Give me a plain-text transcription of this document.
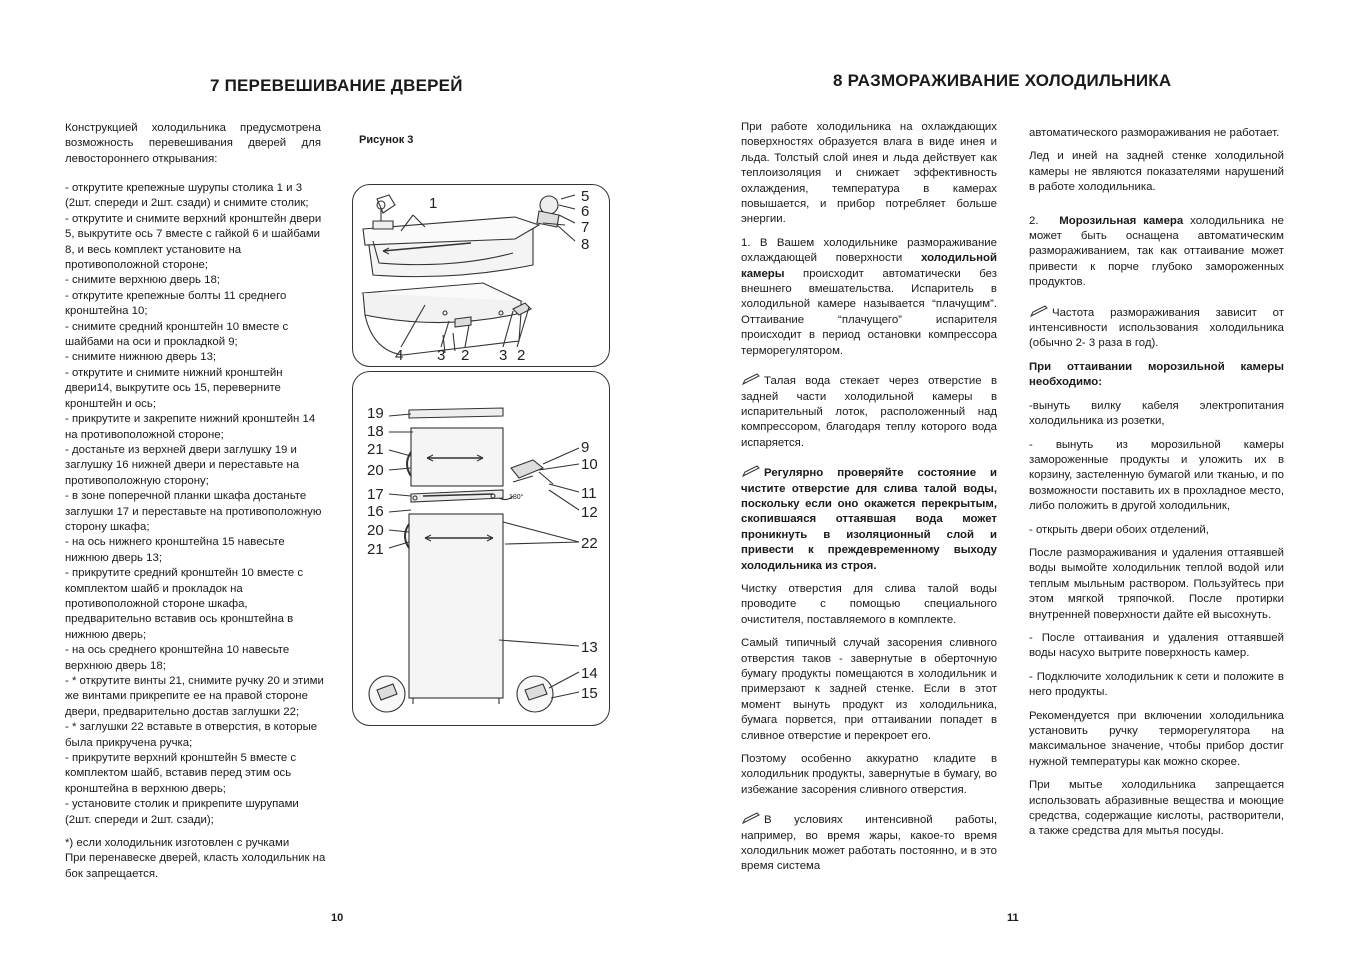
7 ПЕРЕВЕШИВАНИЕ ДВЕРЕЙ
Конструкцией холодильника предусмотрена возможность перевешивания дверей для левостороннего открывания:

- открутите крепежные шурупы столика 1 и 3

(2шт. спереди и 2шт. сзади) и снимите столик;

- открутите и снимите верхний кронштейн двери

5, выкрутите ось 7 вместе с гайкой 6 и шайбами

8, и весь комплект установите на

противоположной стороне;

- снимите верхнюю дверь 18;

- открутите крепежные болты 11 среднего

кронштейна 10;

- снимите средний кронштейн 10 вместе с

шайбами на оси и прокладкой 9;

- снимите нижнюю дверь 13;

- открутите и снимите нижний кронштейн

двери14, выкрутите ось 15, переверните

кронштейн и ось;

- прикрутите и закрепите нижний кронштейн 14

на противоположной стороне;

- достаньте из верхней двери заглушку 19 и

заглушку 16 нижней двери и переставьте на

противоположную сторону;

- в зоне поперечной планки шкафа достаньте

заглушки 17 и переставьте на противоположную

сторону шкафа;

- на ось нижнего кронштейна 15 навесьте

нижнюю дверь 13;

- прикрутите средний кронштейн 10 вместе с

комплектом шайб и прокладок на

противоположной стороне шкафа,

предварительно вставив ось кронштейна в

нижнюю дверь;

- на ось среднего кронштейна 10 навесьте

верхнюю дверь 18;

- * открутите винты 21, снимите ручку 20 и этими

же винтами прикрепите ее на правой стороне

двери, предварительно достав заглушки 22;

- * заглушки 22 вставьте в отверстия, в которые

была прикручена ручка;

- прикрутите верхний кронштейн 5 вместе с

комплектом шайб, вставив перед этим ось

кронштейна в верхнюю дверь;

- установите столик и прикрепите шурупами

(2шт. спереди и 2шт. сзади);

*) если холодильник изготовлен с ручками

При перенавеске дверей, класть холодильник на

бок запрещается.

Рисунок 3
1	5
6
7
8
4 3 2 3 2
180°
19
18
21
20
17
16
20
21
9
10
11
12
22
13
14
15
10
8 РАЗМОРАЖИВАНИЕ ХОЛОДИЛЬНИКА

При работе холодильника на охлаждающих поверхностях образуется влага в виде инея и льда. Толстый слой инея и льда действует как теплоизоляция и снижает эффективность охлаждения, температура в камерах повышается, и прибор потребляет больше энергии.

1. В Вашем холодильнике размораживание охлаждающей поверхности холодильной камеры происходит автоматически без внешнего вмешательства. Испаритель в холодильной камере называется “плачущим”. Оттаивание “плачущего” испарителя происходит в период остановки компрессора терморегулятором.

Талая вода стекает через отверстие в задней части холодильной камеры в испарительный лоток, расположенный над компрессором, благодаря теплу которого вода испаряется.

Регулярно проверяйте состояние и чистите отверстие для слива талой воды, поскольку если оно окажется перекрытым, скопившаяся оттаявшая вода может проникнуть в изоляционный слой и привести к преждевременному выходу холодильника из строя.

Чистку отверстия для слива талой воды проводите с помощью специального очистителя, поставляемого в комплекте.

Самый типичный случай засорения сливного отверстия таков - завернутые в оберточную бумагу продукты помещаются в холодильник и примерзают к задней стенке. Если в этот момент вынуть продукт из холодильника, бумага порвется, при оттаивании попадет в сливное отверстие и перекроет его.

Поэтому особенно аккуратно кладите в холодильник продукты, завернутые в бумагу, во избежание засорения сливного отверстия.

В условиях интенсивной работы, например, во время жары, какое-то время холодильник может работать постоянно, и в это время система

автоматического размораживания не работает.

Лед и иней на задней стенке холодильной камеры не являются показателями нарушений в работе холодильника.

2. Морозильная камера холодильника не может быть оснащена автоматическим размораживанием, так как оттаивание может привести к порче глубоко замороженных продуктов.

Частота размораживания зависит от интенсивности использования холодильника (обычно 2- 3 раза в год).

При оттаивании морозильной камеры необходимо:

-вынуть вилку кабеля электропитания холодильника из розетки,

- вынуть из морозильной камеры замороженные продукты и уложить их в корзину, застеленную бумагой или тканью, и по возможности поставить их в прохладное место, либо положить в другой холодильник,

- открыть двери обоих отделений,

После размораживания и удаления оттаявшей воды вымойте холодильник теплой водой или теплым мыльным раствором. Пользуйтесь при этом мягкой тряпочкой. После протирки внутренней поверхности дайте ей высохнуть.

- После оттаивания и удаления оттаявшей воды насухо вытрите поверхность камер.

- Подключите холодильник к сети и положите в него продукты.

Рекомендуется при включении холодильника установить ручку терморегулятора на максимальное значение, чтобы прибор достиг нужной температуры как можно скорее.

При мытье холодильника запрещается использовать абразивные вещества и моющие средства, содержащие кислоты, растворители, а также средства для мытья посуды.

11
